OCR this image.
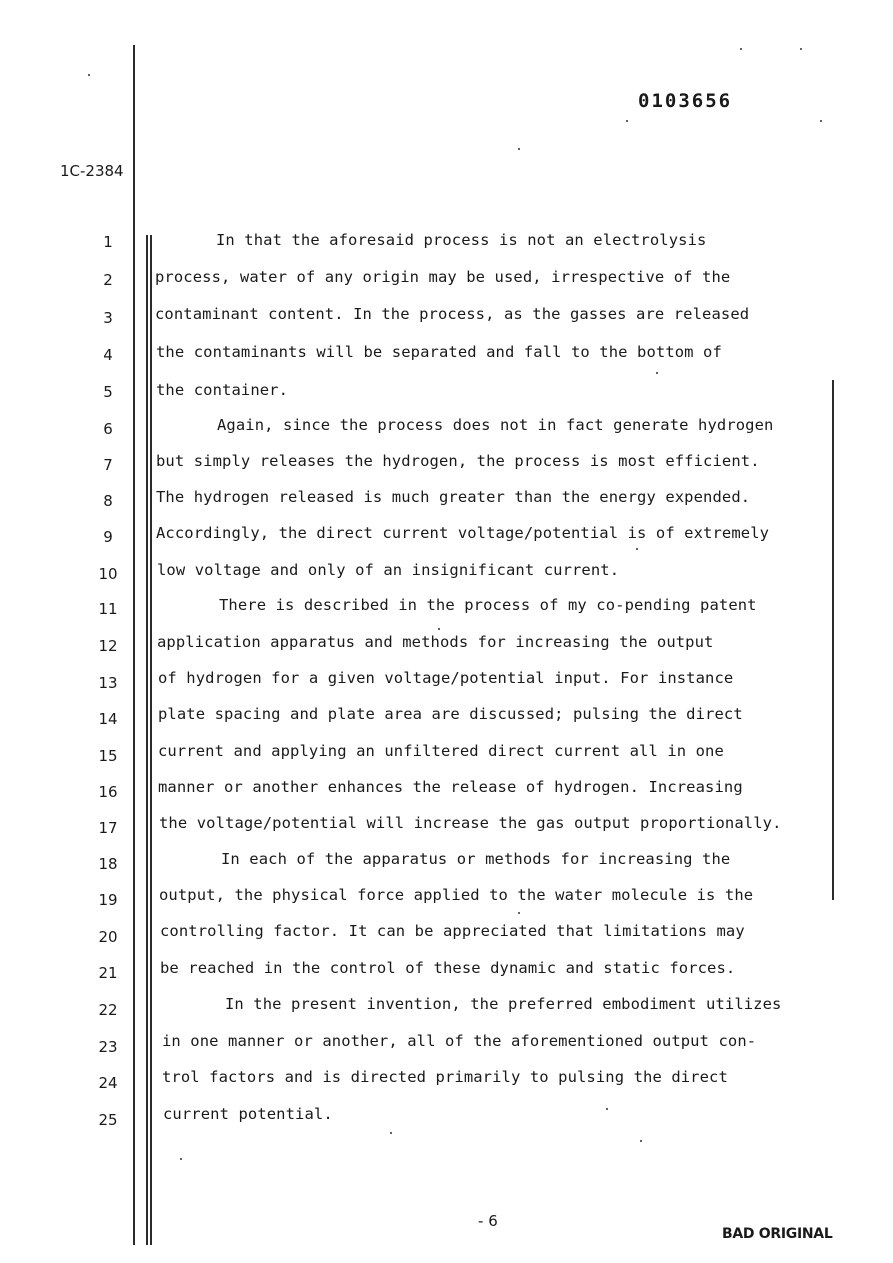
0103656
1C-2384
1
2
3
4
5
6
7
8
9
10
11
12
13
14
15
16
17
18
19
20
21
22
23
24
25
In that the aforesaid process is not an electrolysis
process, water of any origin may be used, irrespective of the
contaminant content. In the process, as the gasses are released
the contaminants will be separated and fall to the bottom of
the container.
Again, since the process does not in fact generate hydrogen
but simply releases the hydrogen, the process is most efficient.
The hydrogen released is much greater than the energy expended.
Accordingly, the direct current voltage/potential is of extremely
low voltage and only of an insignificant current.
There is described in the process of my co-pending patent
application apparatus and methods for increasing the output
of hydrogen for a given voltage/potential input. For instance
plate spacing and plate area are discussed; pulsing the direct
current and applying an unfiltered direct current all in one
manner or another enhances the release of hydrogen. Increasing
the voltage/potential will increase the gas output proportionally.
In each of the apparatus or methods for increasing the
output, the physical force applied to the water molecule is the
controlling factor. It can be appreciated that limitations may
be reached in the control of these dynamic and static forces.
In the present invention, the preferred embodiment utilizes
in one manner or another, all of the aforementioned output con-
trol factors and is directed primarily to pulsing the direct
current potential.
- 6
BAD ORIGINAL
